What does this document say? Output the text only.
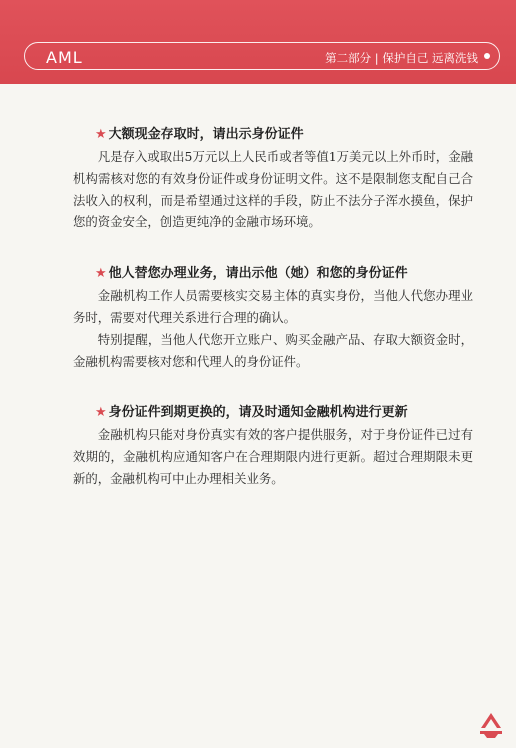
AML	第二部分 | 保护自己 远离洗钱
★ 大额现金存取时，请出示身份证件

凡是存入或取出5万元以上人民币或者等值1万美元以上外币时，金融机构需核对您的有效身份证件或身份证明文件。这不是限制您支配自己合法收入的权利，而是希望通过这样的手段，防止不法分子浑水摸鱼，保护您的资金安全，创造更纯净的金融市场环境。

★ 他人替您办理业务，请出示他（她）和您的身份证件

金融机构工作人员需要核实交易主体的真实身份，当他人代您办理业务时，需要对代理关系进行合理的确认。

特别提醒，当他人代您开立账户、购买金融产品、存取大额资金时，金融机构需要核对您和代理人的身份证件。

★ 身份证件到期更换的，请及时通知金融机构进行更新

金融机构只能对身份真实有效的客户提供服务，对于身份证件已过有效期的，金融机构应通知客户在合理期限内进行更新。超过合理期限未更新的，金融机构可中止办理相关业务。
